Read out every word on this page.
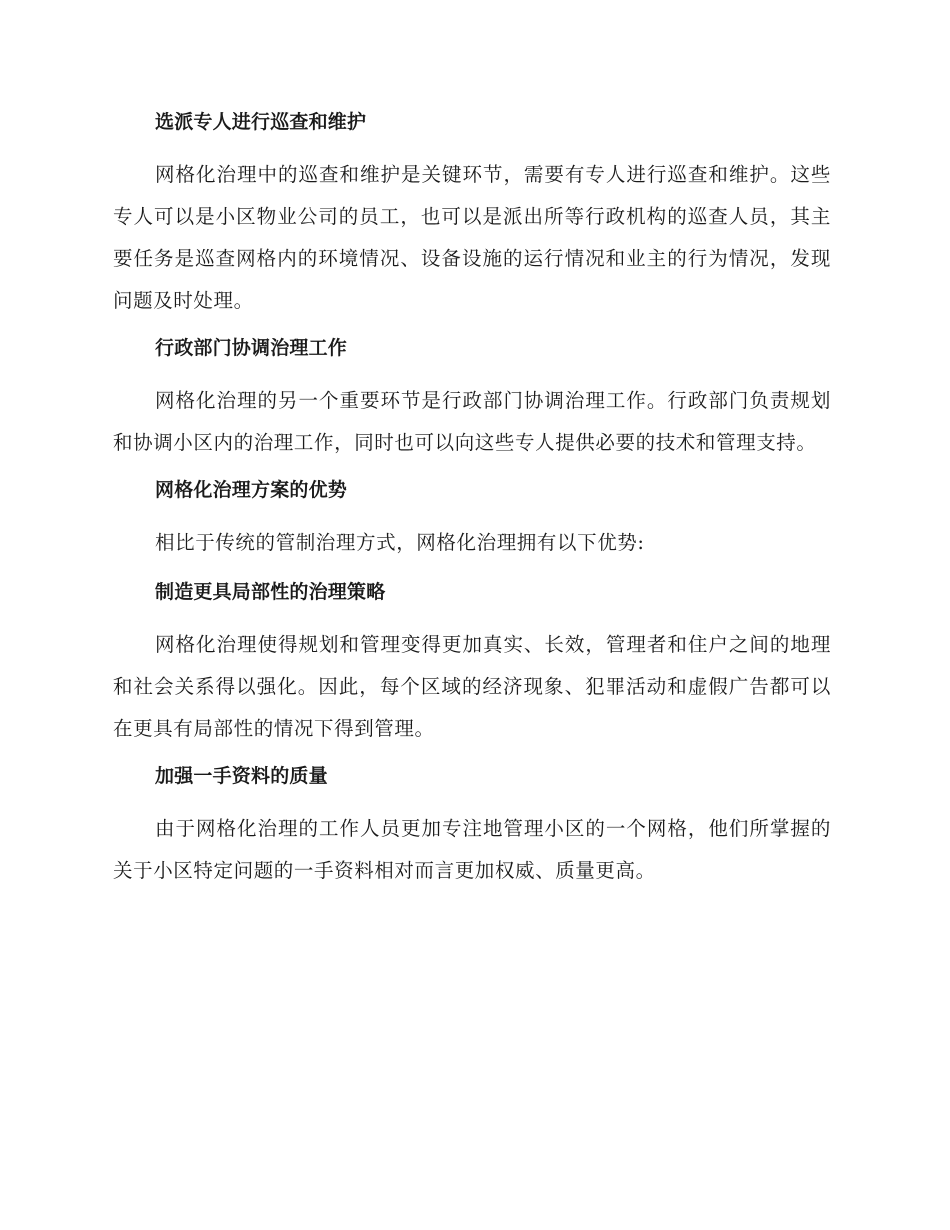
选派专人进行巡查和维护

网格化治理中的巡查和维护是关键环节，需要有专人进行巡查和维护。这些专人可以是小区物业公司的员工，也可以是派出所等行政机构的巡查人员，其主要任务是巡查网格内的环境情况、设备设施的运行情况和业主的行为情况，发现问题及时处理。

行政部门协调治理工作

网格化治理的另一个重要环节是行政部门协调治理工作。行政部门负责规划和协调小区内的治理工作，同时也可以向这些专人提供必要的技术和管理支持。

网格化治理方案的优势

相比于传统的管制治理方式，网格化治理拥有以下优势:

制造更具局部性的治理策略

网格化治理使得规划和管理变得更加真实、长效，管理者和住户之间的地理和社会关系得以强化。因此，每个区域的经济现象、犯罪活动和虚假广告都可以在更具有局部性的情况下得到管理。

加强一手资料的质量

由于网格化治理的工作人员更加专注地管理小区的一个网格，他们所掌握的关于小区特定问题的一手资料相对而言更加权威、质量更高。
